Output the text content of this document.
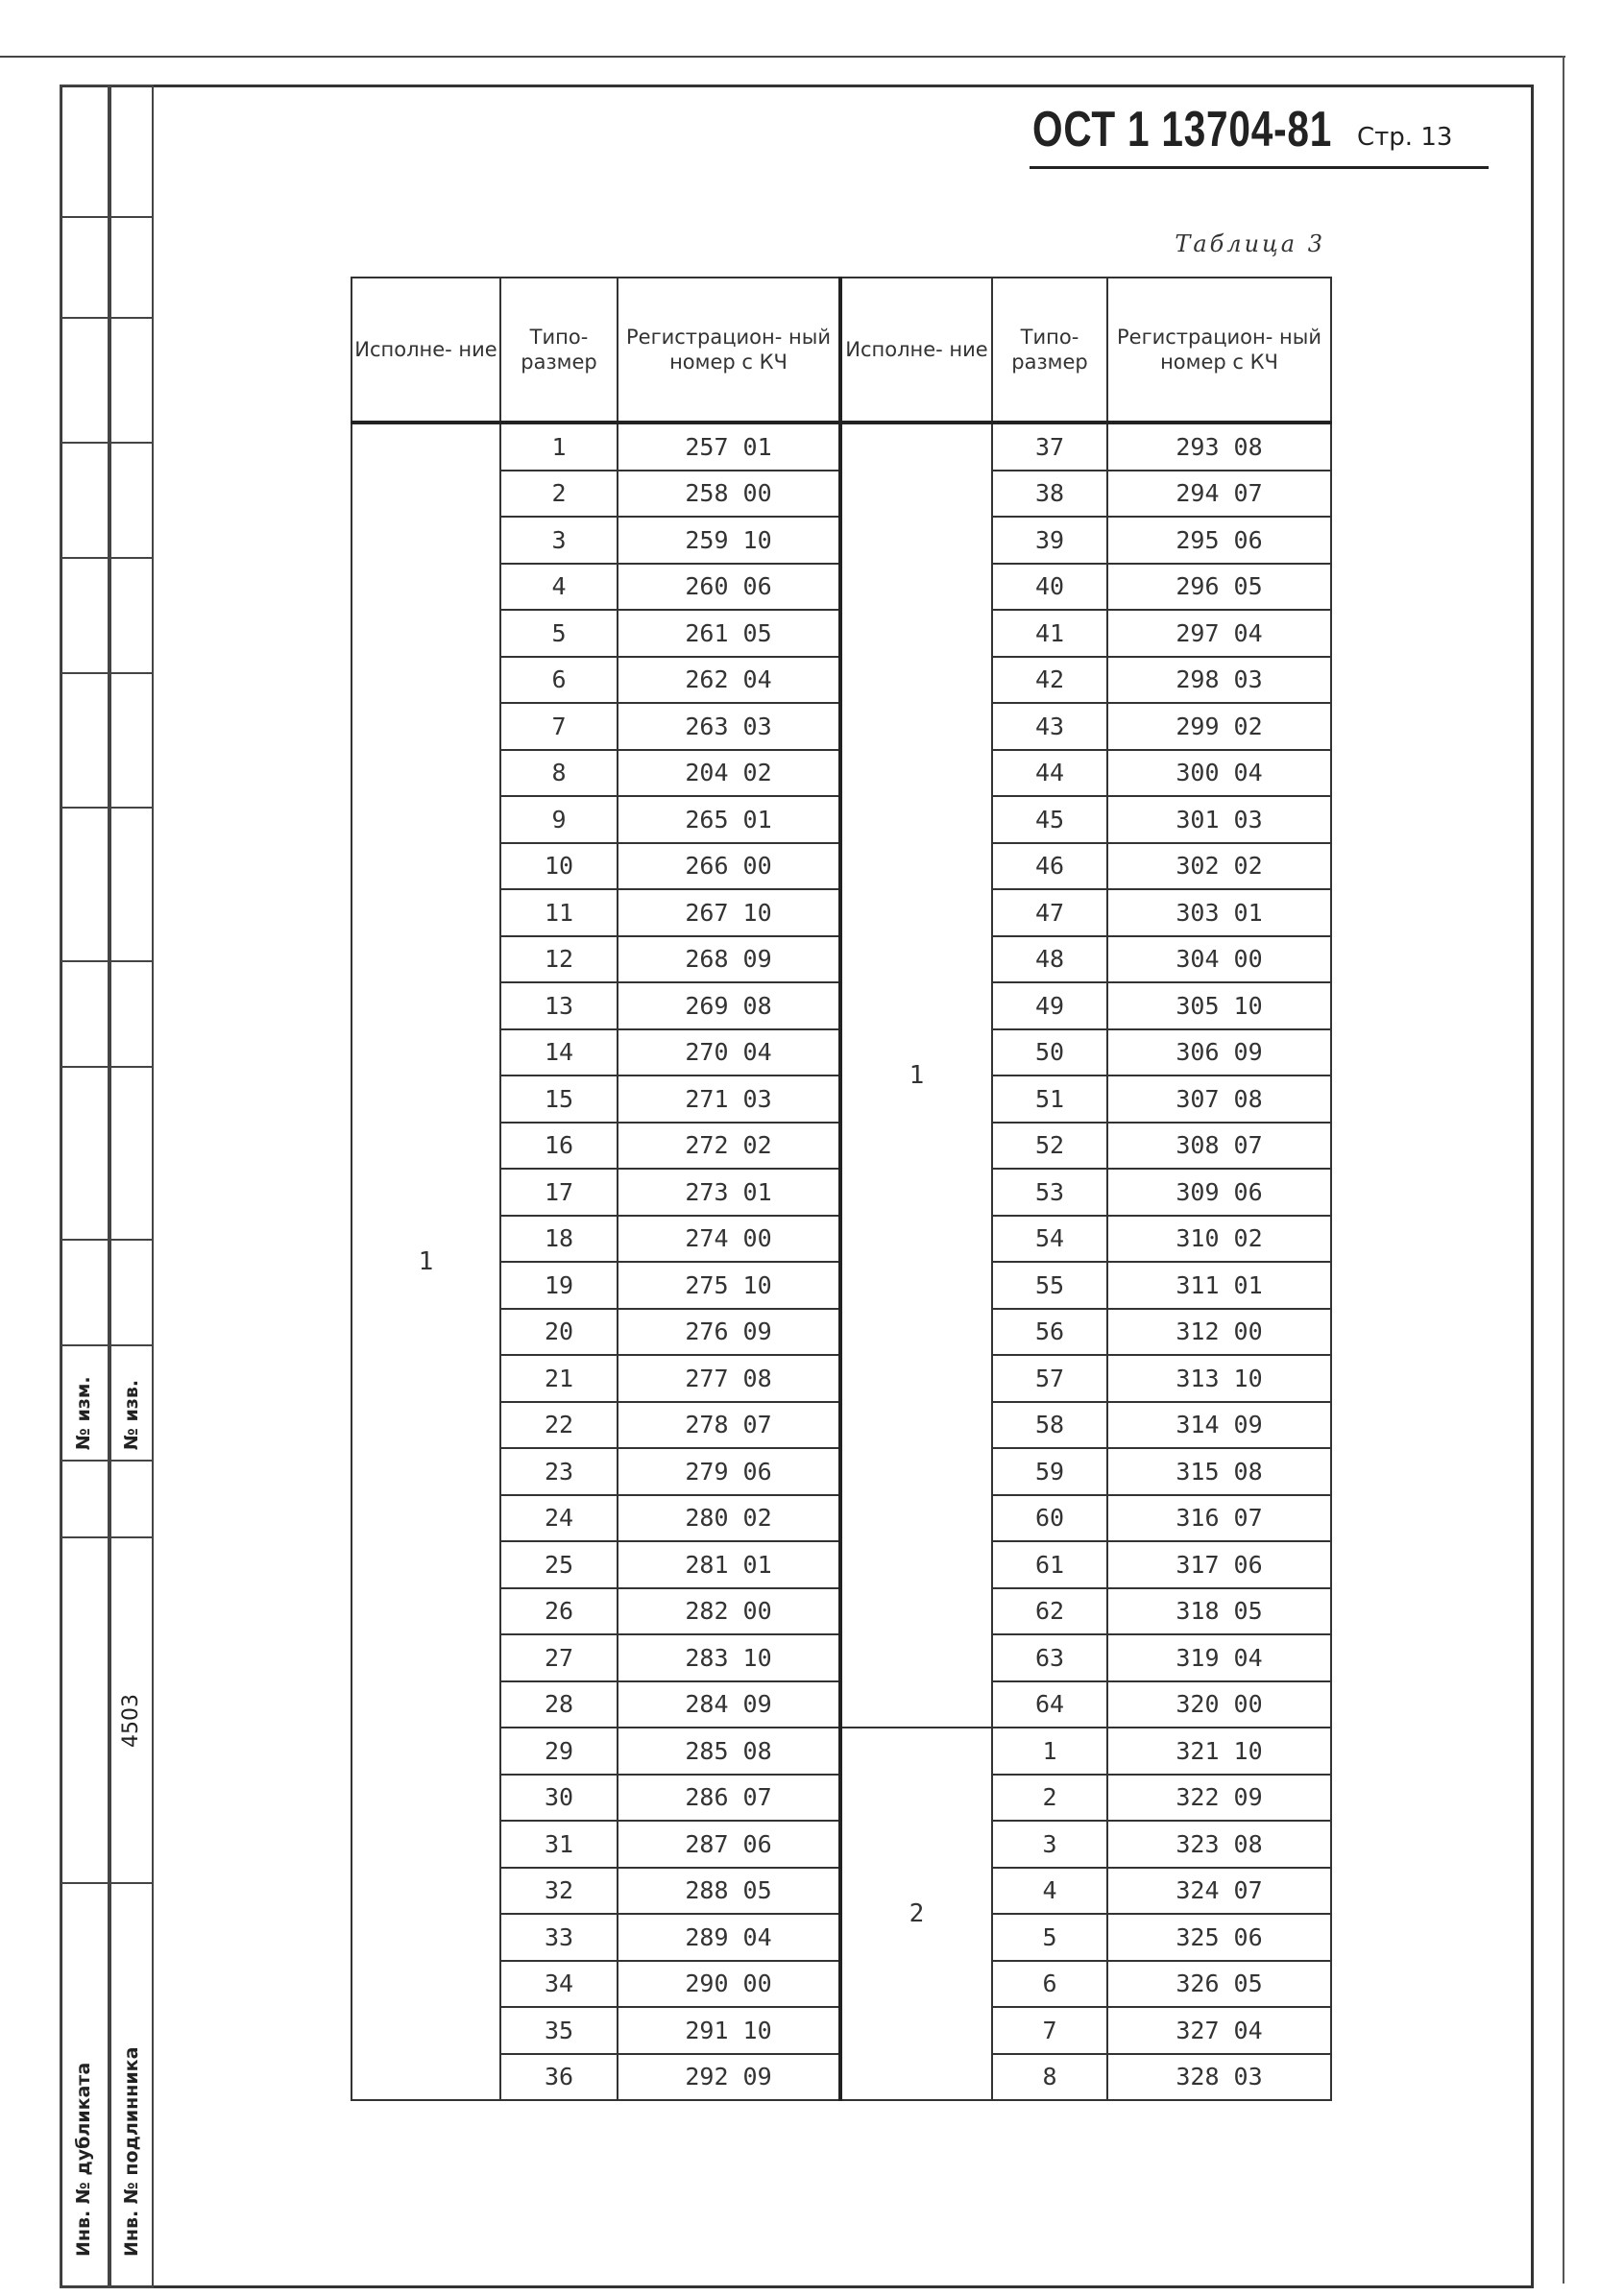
№ изм. № изв.
4503
Инв. № дубликата Инв. № подлинника
ОСТ 1 13704-81 Стр. 13
Таблица 3
Исполне- ние	Типо- размер	Регистрацион- ный номер с КЧ	Исполне- ние	Типо- размер	Регистрацион- ный номер с КЧ
1	1	257 01	1	37	293 08
	2	258 00		38	294 07
	3	259 10		39	295 06
	4	260 06		40	296 05
	5	261 05		41	297 04
	6	262 04		42	298 03
	7	263 03		43	299 02
	8	204 02		44	300 04
	9	265 01		45	301 03
	10	266 00		46	302 02
	11	267 10		47	303 01
	12	268 09		48	304 00
	13	269 08		49	305 10
	14	270 04		50	306 09
	15	271 03		51	307 08
	16	272 02		52	308 07
	17	273 01		53	309 06
	18	274 00		54	310 02
	19	275 10		55	311 01
	20	276 09		56	312 00
	21	277 08		57	313 10
	22	278 07		58	314 09
	23	279 06		59	315 08
	24	280 02		60	316 07
	25	281 01		61	317 06
	26	282 00		62	318 05
	27	283 10		63	319 04
	28	284 09		64	320 00
	29	285 08	2	1	321 10
	30	286 07		2	322 09
	31	287 06		3	323 08
	32	288 05		4	324 07
	33	289 04		5	325 06
	34	290 00		6	326 05
	35	291 10		7	327 04
	36	292 09		8	328 03
